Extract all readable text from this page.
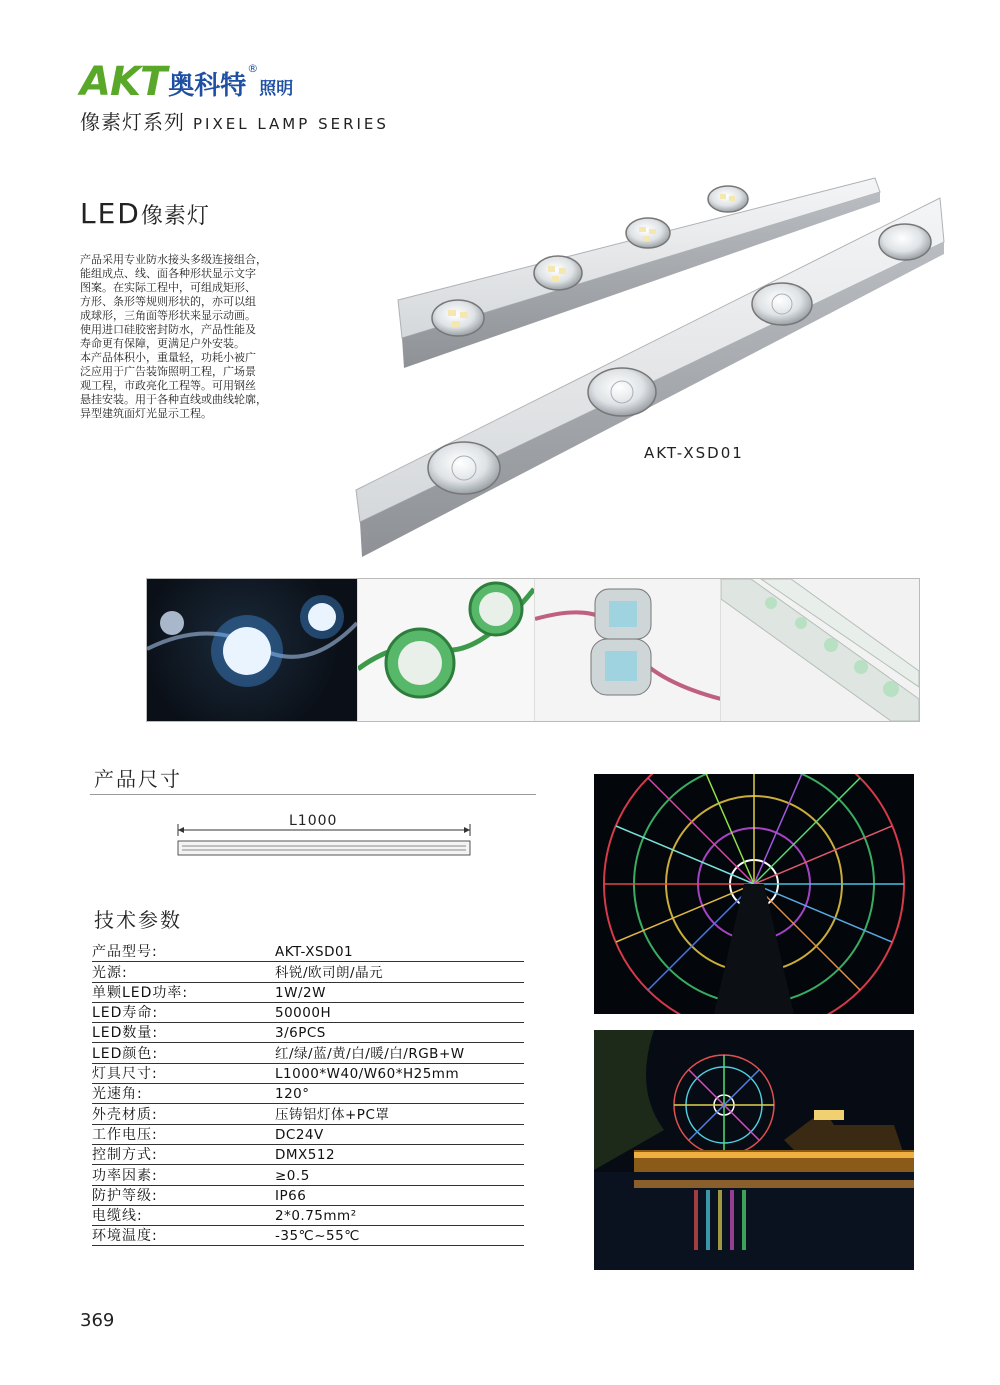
AKT 奥科特
®
照明
像素灯系列 PIXEL LAMP SERIES
LED像素灯

产品采用专业防水接头多级连接组合，

能组成点、线、面各种形状显示文字

图案。在实际工程中，可组成矩形、

方形、条形等规则形状的，亦可以组

成球形，三角面等形状来显示动画。

使用进口硅胶密封防水，产品性能及

寿命更有保障，更满足户外安装。

本产品体积小，重量轻，功耗小被广

泛应用于广告装饰照明工程，广场景

观工程，市政亮化工程等。可用钢丝

悬挂安装。用于各种直线或曲线轮廓，

异型建筑面灯光显示工程。

AKT-XSD01
产品尺寸
L1000
技术参数
产品型号:	AKT-XSD01
光源:	科锐/欧司朗/晶元
单颗LED功率:	1W/2W
LED寿命:	50000H
LED数量:	3/6PCS
LED颜色:	红/绿/蓝/黄/白/暖/白/RGB+W
灯具尺寸:	L1000*W40/W60*H25mm
光速角:	120°
外壳材质:	压铸铝灯体+PC罩
工作电压:	DC24V
控制方式:	DMX512
功率因素:	≥0.5
防护等级:	IP66
电缆线:	2*0.75mm²
环境温度:	-35℃~55℃
369
